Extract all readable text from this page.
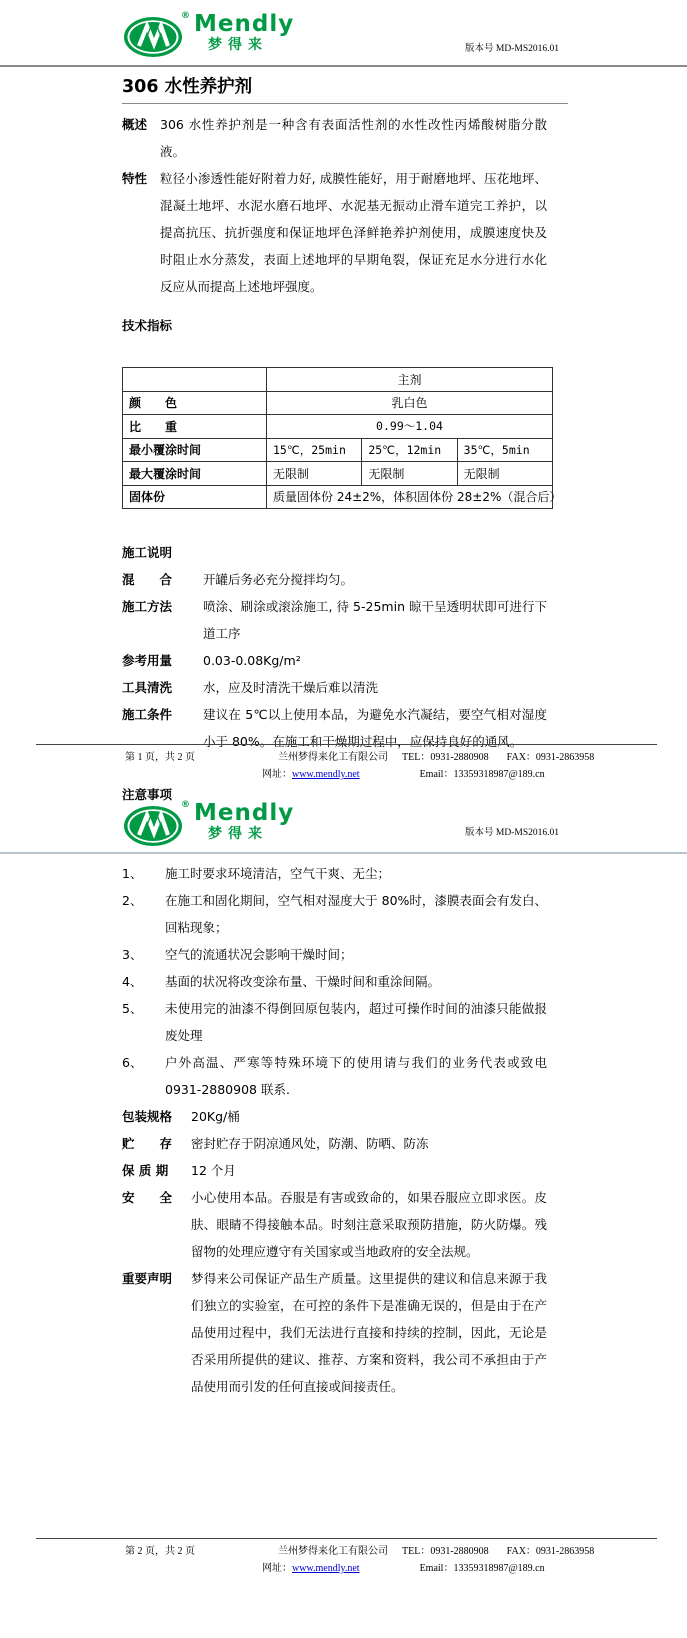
® Mendly
梦得来	版本号 MD-MS2016.01
306 水性养护剂
概述	306 水性养护剂是一种含有表面活性剂的水性改性丙烯酸树脂分散液。
特性	粒径小渗透性能好附着力好, 成膜性能好，用于耐磨地坪、压花地坪、混凝土地坪、水泥水磨石地坪、水泥基无振动止滑车道完工养护，以提高抗压、抗折强度和保证地坪色泽鲜艳养护剂使用，成膜速度快及时阻止水分蒸发，表面上述地坪的早期龟裂，保证充足水分进行水化反应从而提高上述地坪强度。
技术指标
	主剂		
颜　　色	乳白色		
比　　重	0.99～1.04		
最小覆涂时间	15℃，25min	25℃，12min	35℃，5min
最大覆涂时间	无限制	无限制	无限制
固体份	质量固体份 24±2%，体积固体份 28±2%（混合后）		
施工说明
混　　合	开罐后务必充分搅拌均匀。
施工方法	喷涂、刷涂或滚涂施工, 待 5-25min 晾干呈透明状即可进行下道工序
参考用量	0.03-0.08Kg/m²
工具清洗	水，应及时清洗干燥后难以清洗
施工条件	建议在 5℃以上使用本品，为避免水汽凝结，要空气相对湿度小于 80%。在施工和干燥期过程中，应保持良好的通风。
注意事项
第 1 页，共 2 页	兰州梦得来化工有限公司 TEL：0931-2880908 FAX：0931-2863958
网址：www.mendly.net	Email：13359318987@189.cn
® Mendly
梦得来	版本号 MD-MS2016.01
1、	施工时要求环境清洁，空气干爽、无尘；
2、	在施工和固化期间，空气相对湿度大于 80%时，漆膜表面会有发白、回粘现象；
3、	空气的流通状况会影响干燥时间；
4、	基面的状况将改变涂布量、干燥时间和重涂间隔。
5、	未使用完的油漆不得倒回原包装内，超过可操作时间的油漆只能做报废处理
6、	户外高温、严寒等特殊环境下的使用请与我们的业务代表或致电 0931-2880908 联系.
包装规格	20Kg/桶
贮　　存	密封贮存于阴凉通风处，防潮、防晒、防冻
保 质 期	12 个月
安　　全	小心使用本品。吞服是有害或致命的，如果吞服应立即求医。皮肤、眼睛不得接触本品。时刻注意采取预防措施，防火防爆。残留物的处理应遵守有关国家或当地政府的安全法规。
重要声明	梦得来公司保证产品生产质量。这里提供的建议和信息来源于我们独立的实验室，在可控的条件下是准确无误的，但是由于在产品使用过程中，我们无法进行直接和持续的控制，因此，无论是否采用所提供的建议、推荐、方案和资料，我公司不承担由于产品使用而引发的任何直接或间接责任。
第 2 页，共 2 页	兰州梦得来化工有限公司 TEL：0931-2880908 FAX：0931-2863958
网址：www.mendly.net	Email：13359318987@189.cn
